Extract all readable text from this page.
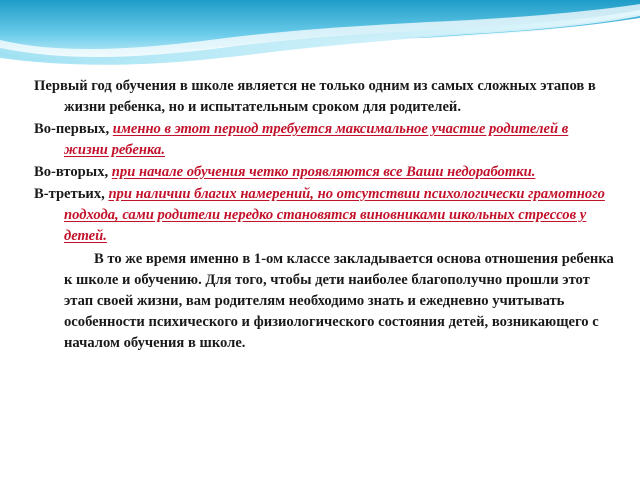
Первый год обучения в школе является не только одним из самых сложных этапов в жизни ребенка, но и испытательным сроком для родителей.

Во-первых, именно в этот период требуется максимальное участие родителей в жизни ребенка.

Во-вторых, при начале обучения четко проявляются все Ваши недоработки.

В-третьих, при наличии благих намерений, но отсутствии психологически грамотного подхода, сами родители нередко становятся виновниками школьных стрессов у детей.

В то же время именно в 1-ом классе закладывается основа отношения ребенка к школе и обучению. Для того, чтобы дети наиболее благополучно прошли этот этап своей жизни, вам родителям необходимо знать и ежедневно учитывать особенности психического и физиологического состояния детей, возникающего с началом обучения в школе.
